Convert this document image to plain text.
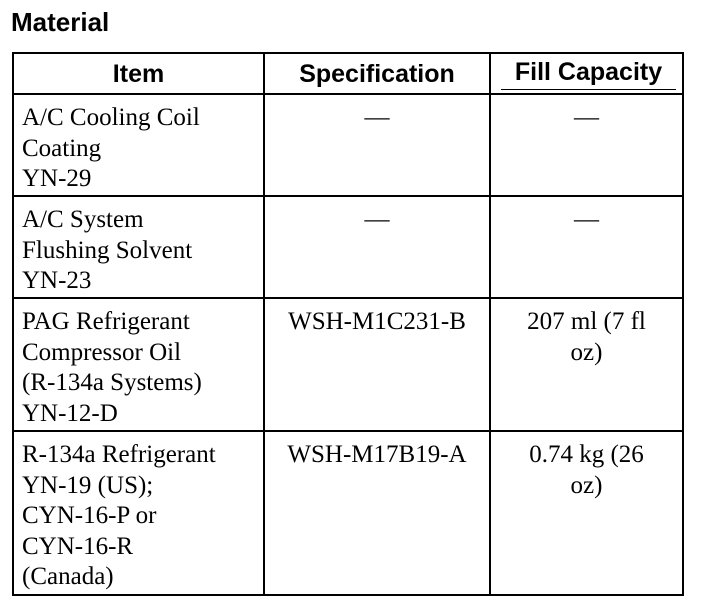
Material
Item	Specification	Fill Capacity

A/C Cooling Coil
Coating
YN-29	—	—

A/C System
Flushing Solvent
YN-23	—	—

PAG Refrigerant
Compressor Oil
(R-134a Systems)
YN-12-D	WSH-M1C231-B	207 ml (7 fl
oz)

R-134a Refrigerant
YN-19 (US);
CYN-16-P or
CYN-16-R
(Canada)	WSH-M17B19-A	0.74 kg (26
oz)
